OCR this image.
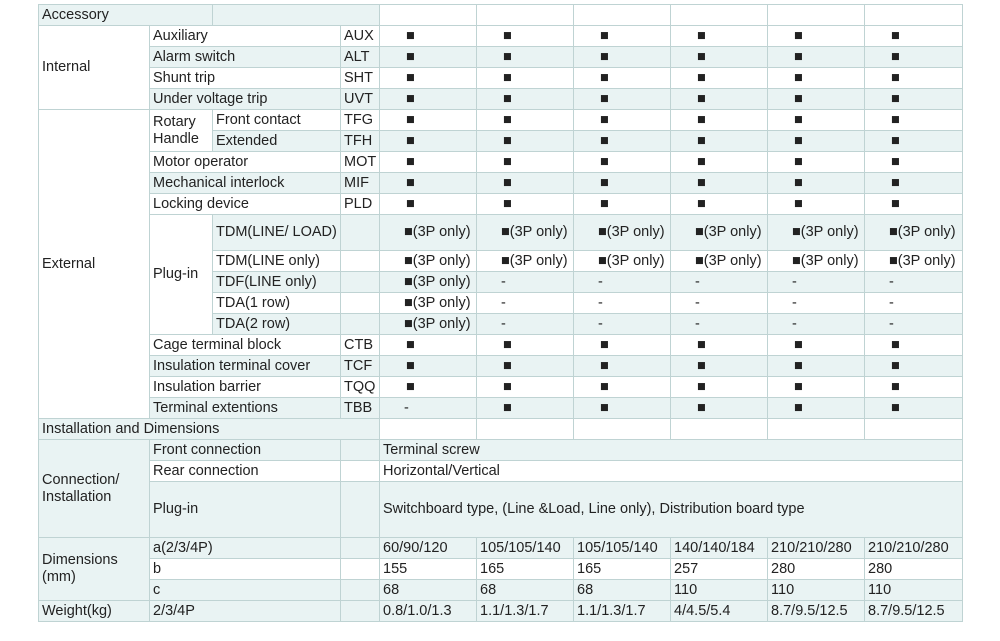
Accessory									
Internal	Auxiliary		AUX	■	■	■	■	■	■
	Alarm switch		ALT	■	■	■	■	■	■
	Shunt trip		SHT	■	■	■	■	■	■
	Under voltage trip		UVT	■	■	■	■	■	■
External	Rotary Handle	Front contact	TFG	■	■	■	■	■	■
		Extended	TFH	■	■	■	■	■	■
	Motor operator		MOT	■	■	■	■	■	■
	Mechanical interlock		MIF	■	■	■	■	■	■
	Locking device		PLD	■	■	■	■	■	■
	Plug-in	TDM(LINE/ LOAD)		■(3P only)	■(3P only)	■(3P only)	■(3P only)	■(3P only)	■(3P only)
		TDM(LINE only)		■(3P only)	■(3P only)	■(3P only)	■(3P only)	■(3P only)	■(3P only)
		TDF(LINE only)		■(3P only)	-	-	-	-	-
		TDA(1 row)		■(3P only)	-	-	-	-	-
		TDA(2 row)		■(3P only)	-	-	-	-	-
	Cage terminal block		CTB	■	■	■	■	■	■
	Insulation terminal cover		TCF	■	■	■	■	■	■
	Insulation barrier		TQQ	■	■	■	■	■	■
	Terminal extentions		TBB	-	■	■	■	■	■
Installation and Dimensions									
Connection/ Installation	Front connection			Terminal screw					
	Rear connection			Horizontal/Vertical					
	Plug-in			Switchboard type, (Line &Load, Line only), Distribution board type					
Dimensions (mm)	a(2/3/4P)			60/90/120	105/105/140	105/105/140	140/140/184	210/210/280	210/210/280
	b			155	165	165	257	280	280
	c			68	68	68	110	110	110
Weight(kg)	2/3/4P			0.8/1.0/1.3	1.1/1.3/1.7	1.1/1.3/1.7	4/4.5/5.4	8.7/9.5/12.5	8.7/9.5/12.5
